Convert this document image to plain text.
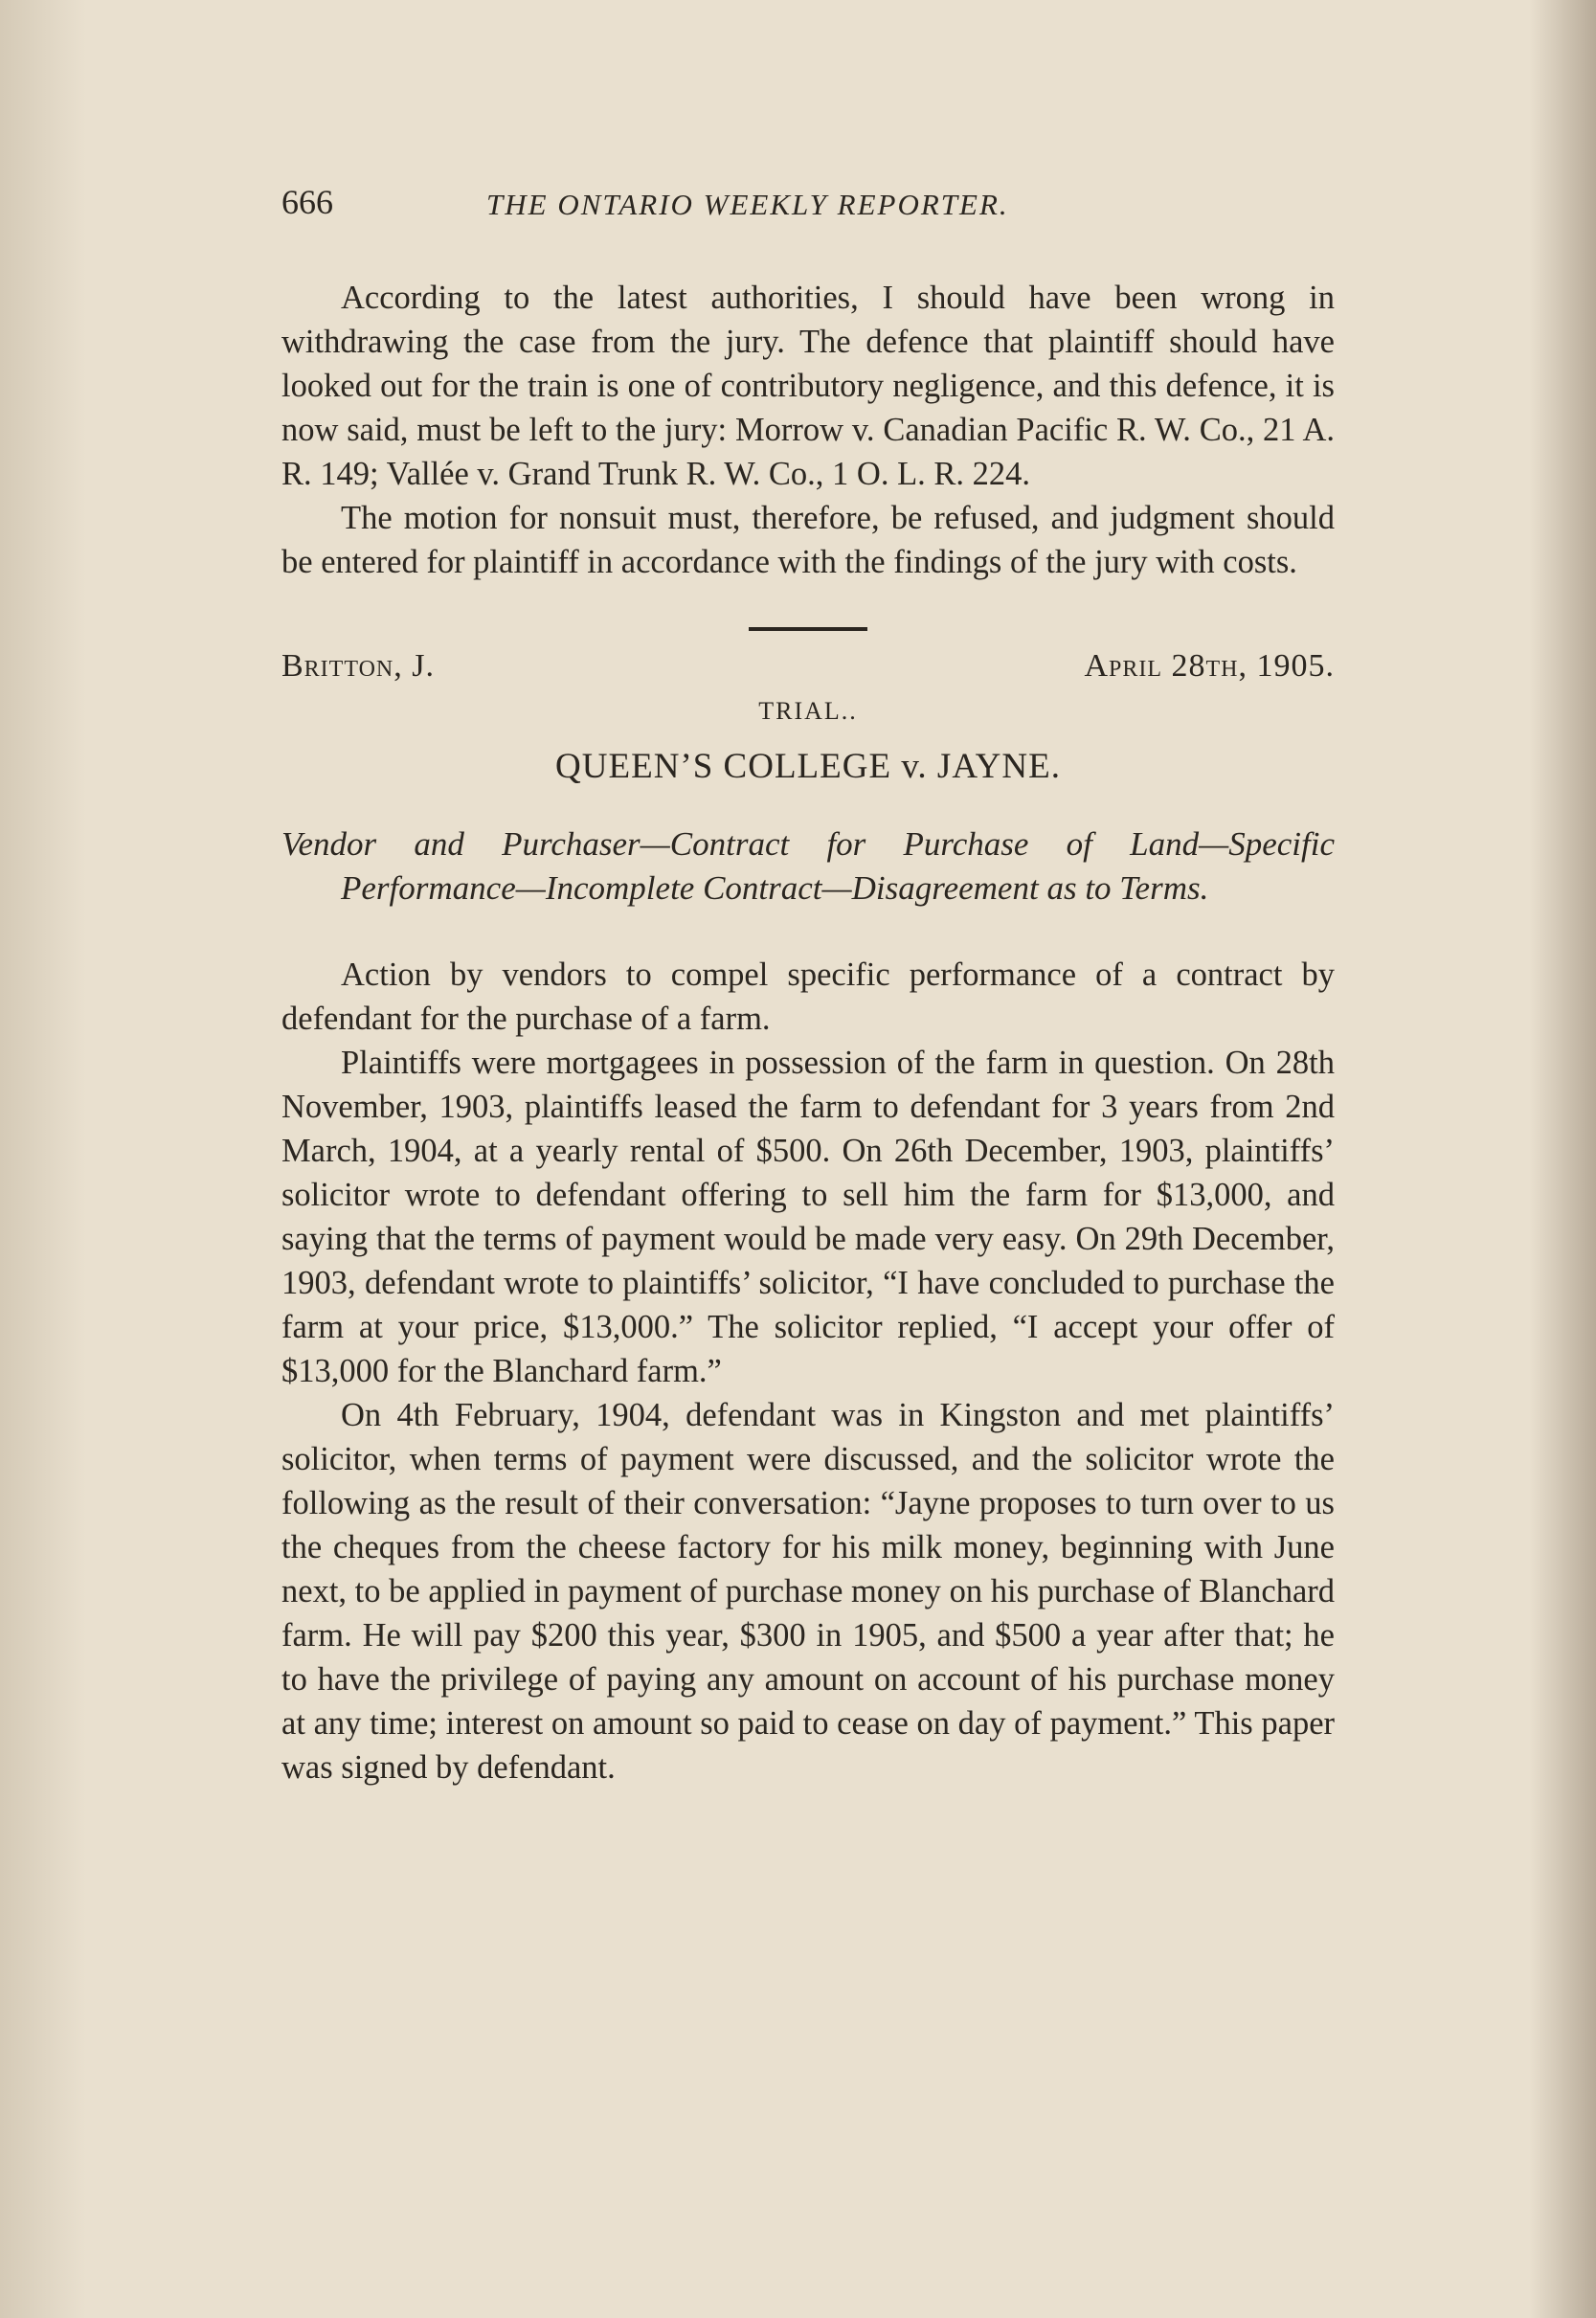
666	THE ONTARIO WEEKLY REPORTER.

According to the latest authorities, I should have been wrong in withdrawing the case from the jury. The defence that plaintiff should have looked out for the train is one of contributory negligence, and this defence, it is now said, must be left to the jury: Morrow v. Canadian Pacific R. W. Co., 21 A. R. 149; Vallée v. Grand Trunk R. W. Co., 1 O. L. R. 224.

The motion for nonsuit must, therefore, be refused, and judgment should be entered for plaintiff in accordance with the findings of the jury with costs.

Britton, J.	April 28th, 1905.
TRIAL..
QUEEN’S COLLEGE v. JAYNE.
Vendor and Purchaser—Contract for Purchase of Land—Specific Performance—Incomplete Contract—Disagreement as to Terms.

Action by vendors to compel specific performance of a contract by defendant for the purchase of a farm.

Plaintiffs were mortgagees in possession of the farm in question. On 28th November, 1903, plaintiffs leased the farm to defendant for 3 years from 2nd March, 1904, at a yearly rental of $500. On 26th December, 1903, plaintiffs’ solicitor wrote to defendant offering to sell him the farm for $13,000, and saying that the terms of payment would be made very easy. On 29th December, 1903, defendant wrote to plaintiffs’ solicitor, “I have concluded to purchase the farm at your price, $13,000.” The solicitor replied, “I accept your offer of $13,000 for the Blanchard farm.”

On 4th February, 1904, defendant was in Kingston and met plaintiffs’ solicitor, when terms of payment were discussed, and the solicitor wrote the following as the result of their conversation: “Jayne proposes to turn over to us the cheques from the cheese factory for his milk money, beginning with June next, to be applied in payment of purchase money on his purchase of Blanchard farm. He will pay $200 this year, $300 in 1905, and $500 a year after that; he to have the privilege of paying any amount on account of his purchase money at any time; interest on amount so paid to cease on day of payment.” This paper was signed by defendant.
